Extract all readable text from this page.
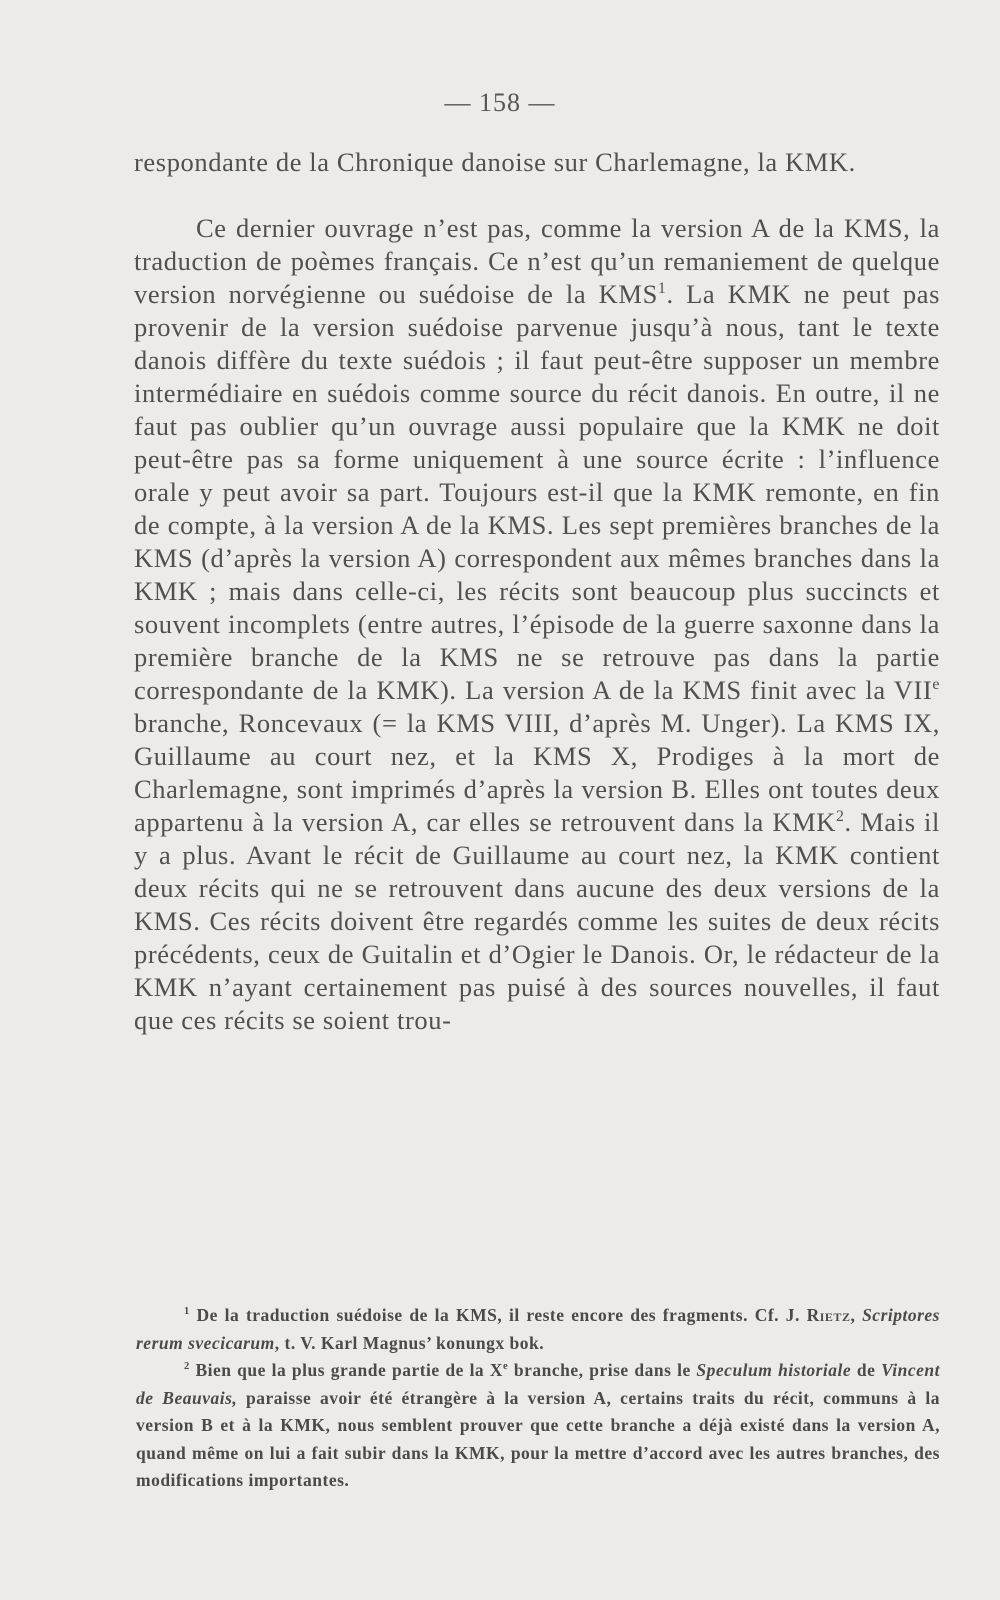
— 158 —

respondante de la Chronique danoise sur Charlemagne, la KMK.

Ce dernier ouvrage n’est pas, comme la version A de la KMS, la traduction de poèmes français. Ce n’est qu’un remaniement de quelque version norvégienne ou suédoise de la KMS$^1$. La KMK ne peut pas provenir de la version suédoise parvenue jusqu’à nous, tant le texte danois diffère du texte suédois ; il faut peut-être supposer un membre intermédiaire en suédois comme source du récit danois. En outre, il ne faut pas oublier qu’un ouvrage aussi populaire que la KMK ne doit peut-être pas sa forme uniquement à une source écrite : l’influence orale y peut avoir sa part. Toujours est-il que la KMK remonte, en fin de compte, à la version A de la KMS. Les sept premières branches de la KMS (d’après la version A) correspondent aux mêmes branches dans la KMK ; mais dans celle-ci, les récits sont beaucoup plus succincts et souvent incomplets (entre autres, l’épisode de la guerre saxonne dans la première branche de la KMS ne se retrouve pas dans la partie correspondante de la KMK). La version A de la KMS finit avec la VIIe branche, Roncevaux (= la KMS VIII, d’après M. Unger). La KMS IX, Guillaume au court nez, et la KMS X, Prodiges à la mort de Charlemagne, sont imprimés d’après la version B. Elles ont toutes deux appartenu à la version A, car elles se retrouvent dans la KMK$^2$. Mais il y a plus. Avant le récit de Guillaume au court nez, la KMK contient deux récits qui ne se retrouvent dans aucune des deux versions de la KMS. Ces récits doivent être regardés comme les suites de deux récits précédents, ceux de Guitalin et d’Ogier le Danois. Or, le rédacteur de la KMK n’ayant certainement pas puisé à des sources nouvelles, il faut que ces récits se soient trou-

$^1$ De la traduction suédoise de la KMS, il reste encore des fragments. Cf. J. Rietz, Scriptores rerum svecicarum, t. V. Karl Magnus’ konungx bok.

$^2$ Bien que la plus grande partie de la Xe branche, prise dans le Speculum historiale de Vincent de Beauvais, paraisse avoir été étrangère à la version A, certains traits du récit, communs à la version B et à la KMK, nous semblent prouver que cette branche a déjà existé dans la version A, quand même on lui a fait subir dans la KMK, pour la mettre d’accord avec les autres branches, des modifications importantes.
